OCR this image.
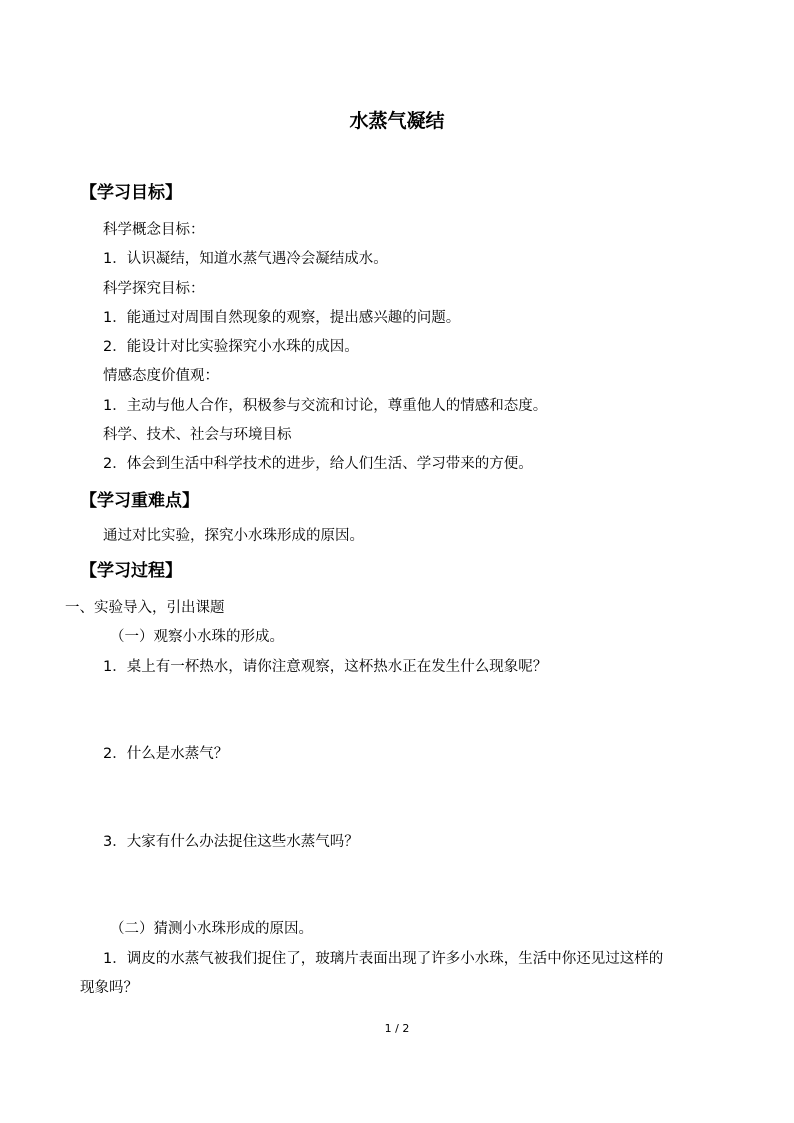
水蒸气凝结
【学习目标】
科学概念目标：
1．认识凝结，知道水蒸气遇冷会凝结成水。
科学探究目标：
1．能通过对周围自然现象的观察，提出感兴趣的问题。
2．能设计对比实验探究小水珠的成因。
情感态度价值观：
1．主动与他人合作，积极参与交流和讨论，尊重他人的情感和态度。
科学、技术、社会与环境目标
2．体会到生活中科学技术的进步，给人们生活、学习带来的方便。
【学习重难点】
通过对比实验，探究小水珠形成的原因。
【学习过程】
一、实验导入，引出课题
（一）观察小水珠的形成。
1．桌上有一杯热水，请你注意观察，这杯热水正在发生什么现象呢？
2．什么是水蒸气？
3．大家有什么办法捉住这些水蒸气吗？
（二）猜测小水珠形成的原因。
1．调皮的水蒸气被我们捉住了，玻璃片表面出现了许多小水珠，生活中你还见过这样的
现象吗？
1 / 2
